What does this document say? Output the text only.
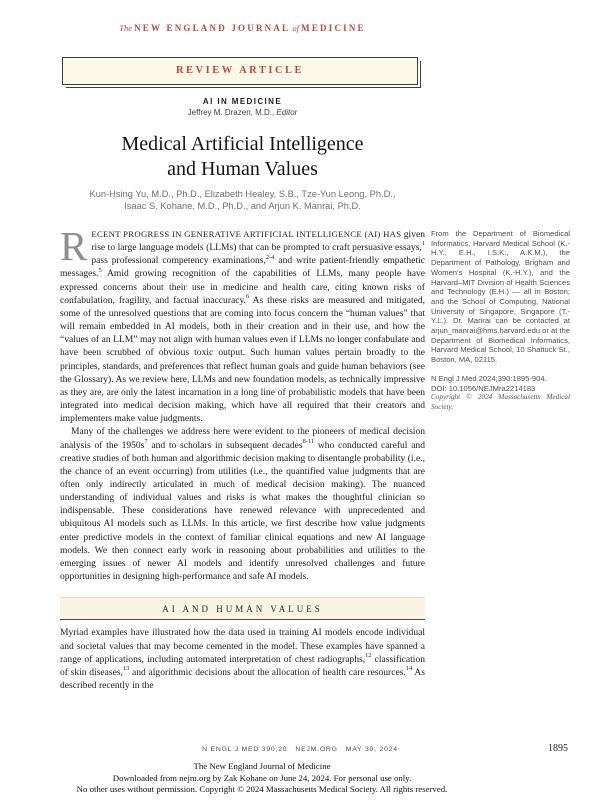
The NEW ENGLAND JOURNAL of MEDICINE
REVIEW ARTICLE
AI IN MEDICINE
Jeffrey M. Drazen, M.D., Editor
Medical Artificial Intelligence
and Human Values
Kun-Hsing Yu, M.D., Ph.D., Elizabeth Healey, S.B., Tze-Yun Leong, Ph.D.,
Isaac S. Kohane, M.D., Ph.D., and Arjun K. Manrai, Ph.D.

RECENT PROGRESS IN GENERATIVE ARTIFICIAL INTELLIGENCE (AI) HAS given rise to large language models (LLMs) that can be prompted to craft persuasive essays,$^1$ pass professional competency examinations,$^{2-4}$ and write patient-friendly empathetic messages.$^5$ Amid growing recognition of the capabilities of LLMs, many people have expressed concerns about their use in medicine and health care, citing known risks of confabulation, fragility, and factual inaccuracy.$^6$ As these risks are measured and mitigated, some of the unresolved questions that are coming into focus concern the “human values” that will remain embedded in AI models, both in their creation and in their use, and how the “values of an LLM” may not align with human values even if LLMs no longer confabulate and have been scrubbed of obvious toxic output. Such human values pertain broadly to the principles, standards, and preferences that reflect human goals and guide human behaviors (see the Glossary). As we review here, LLMs and new foundation models, as technically impressive as they are, are only the latest incarnation in a long line of probabilistic models that have been integrated into medical decision making, which have all required that their creators and implementers make value judgments.

Many of the challenges we address here were evident to the pioneers of medical decision analysis of the $1950s^7$ and to scholars in subsequent decades$^{8-11}$ who conducted careful and creative studies of both human and algorithmic decision making to disentangle probability (i.e., the chance of an event occurring) from utilities (i.e., the quantified value judgments that are often only indirectly articulated in much of medical decision making). The nuanced understanding of individual values and risks is what makes the thoughtful clinician so indispensable. These considerations have renewed relevance with unprecedented and ubiquitous AI models such as LLMs. In this article, we first describe how value judgments enter predictive models in the context of familiar clinical equations and new AI language models. We then connect early work in reasoning about probabilities and utilities to the emerging issues of newer AI models and identify unresolved challenges and future opportunities in designing high-performance and safe AI models.

AI AND HUMAN VALUES

Myriad examples have illustrated how the data used in training AI models encode individual and societal values that may become cemented in the model. These examples have spanned a range of applications, including automated interpretation of chest radiographs,$^{12}$ classification of skin diseases,$^{13}$ and algorithmic decisions about the allocation of health care resources.$^{14}$ As described recently in the

From the Department of Biomedical Informatics, Harvard Medical School (K.-H.Y., E.H., I.S.K., A.K.M.), the Department of Pathology, Brigham and Women's Hospital (K.-H.Y.), and the Harvard–MIT Division of Health Sciences and Technology (E.H.) — all in Boston; and the School of Computing, National University of Singapore, Singapore (T.-Y.L.). Dr. Manrai can be contacted at arjun_manrai@hms.harvard.edu or at the Department of Biomedical Informatics, Harvard Medical School, 10 Shattuck St., Boston, MA, 02115.

N Engl J Med 2024;390:1895-904.

DOI: 10.1056/NEJMra2214183

Copyright © 2024 Massachusetts Medical Society.

N ENGL J MED 390;20   NEJM.ORG   MAY 30, 2024	1895
The New England Journal of Medicine
Downloaded from nejm.org by Zak Kohane on June 24, 2024. For personal use only.
No other uses without permission. Copyright © 2024 Massachusetts Medical Society. All rights reserved.
